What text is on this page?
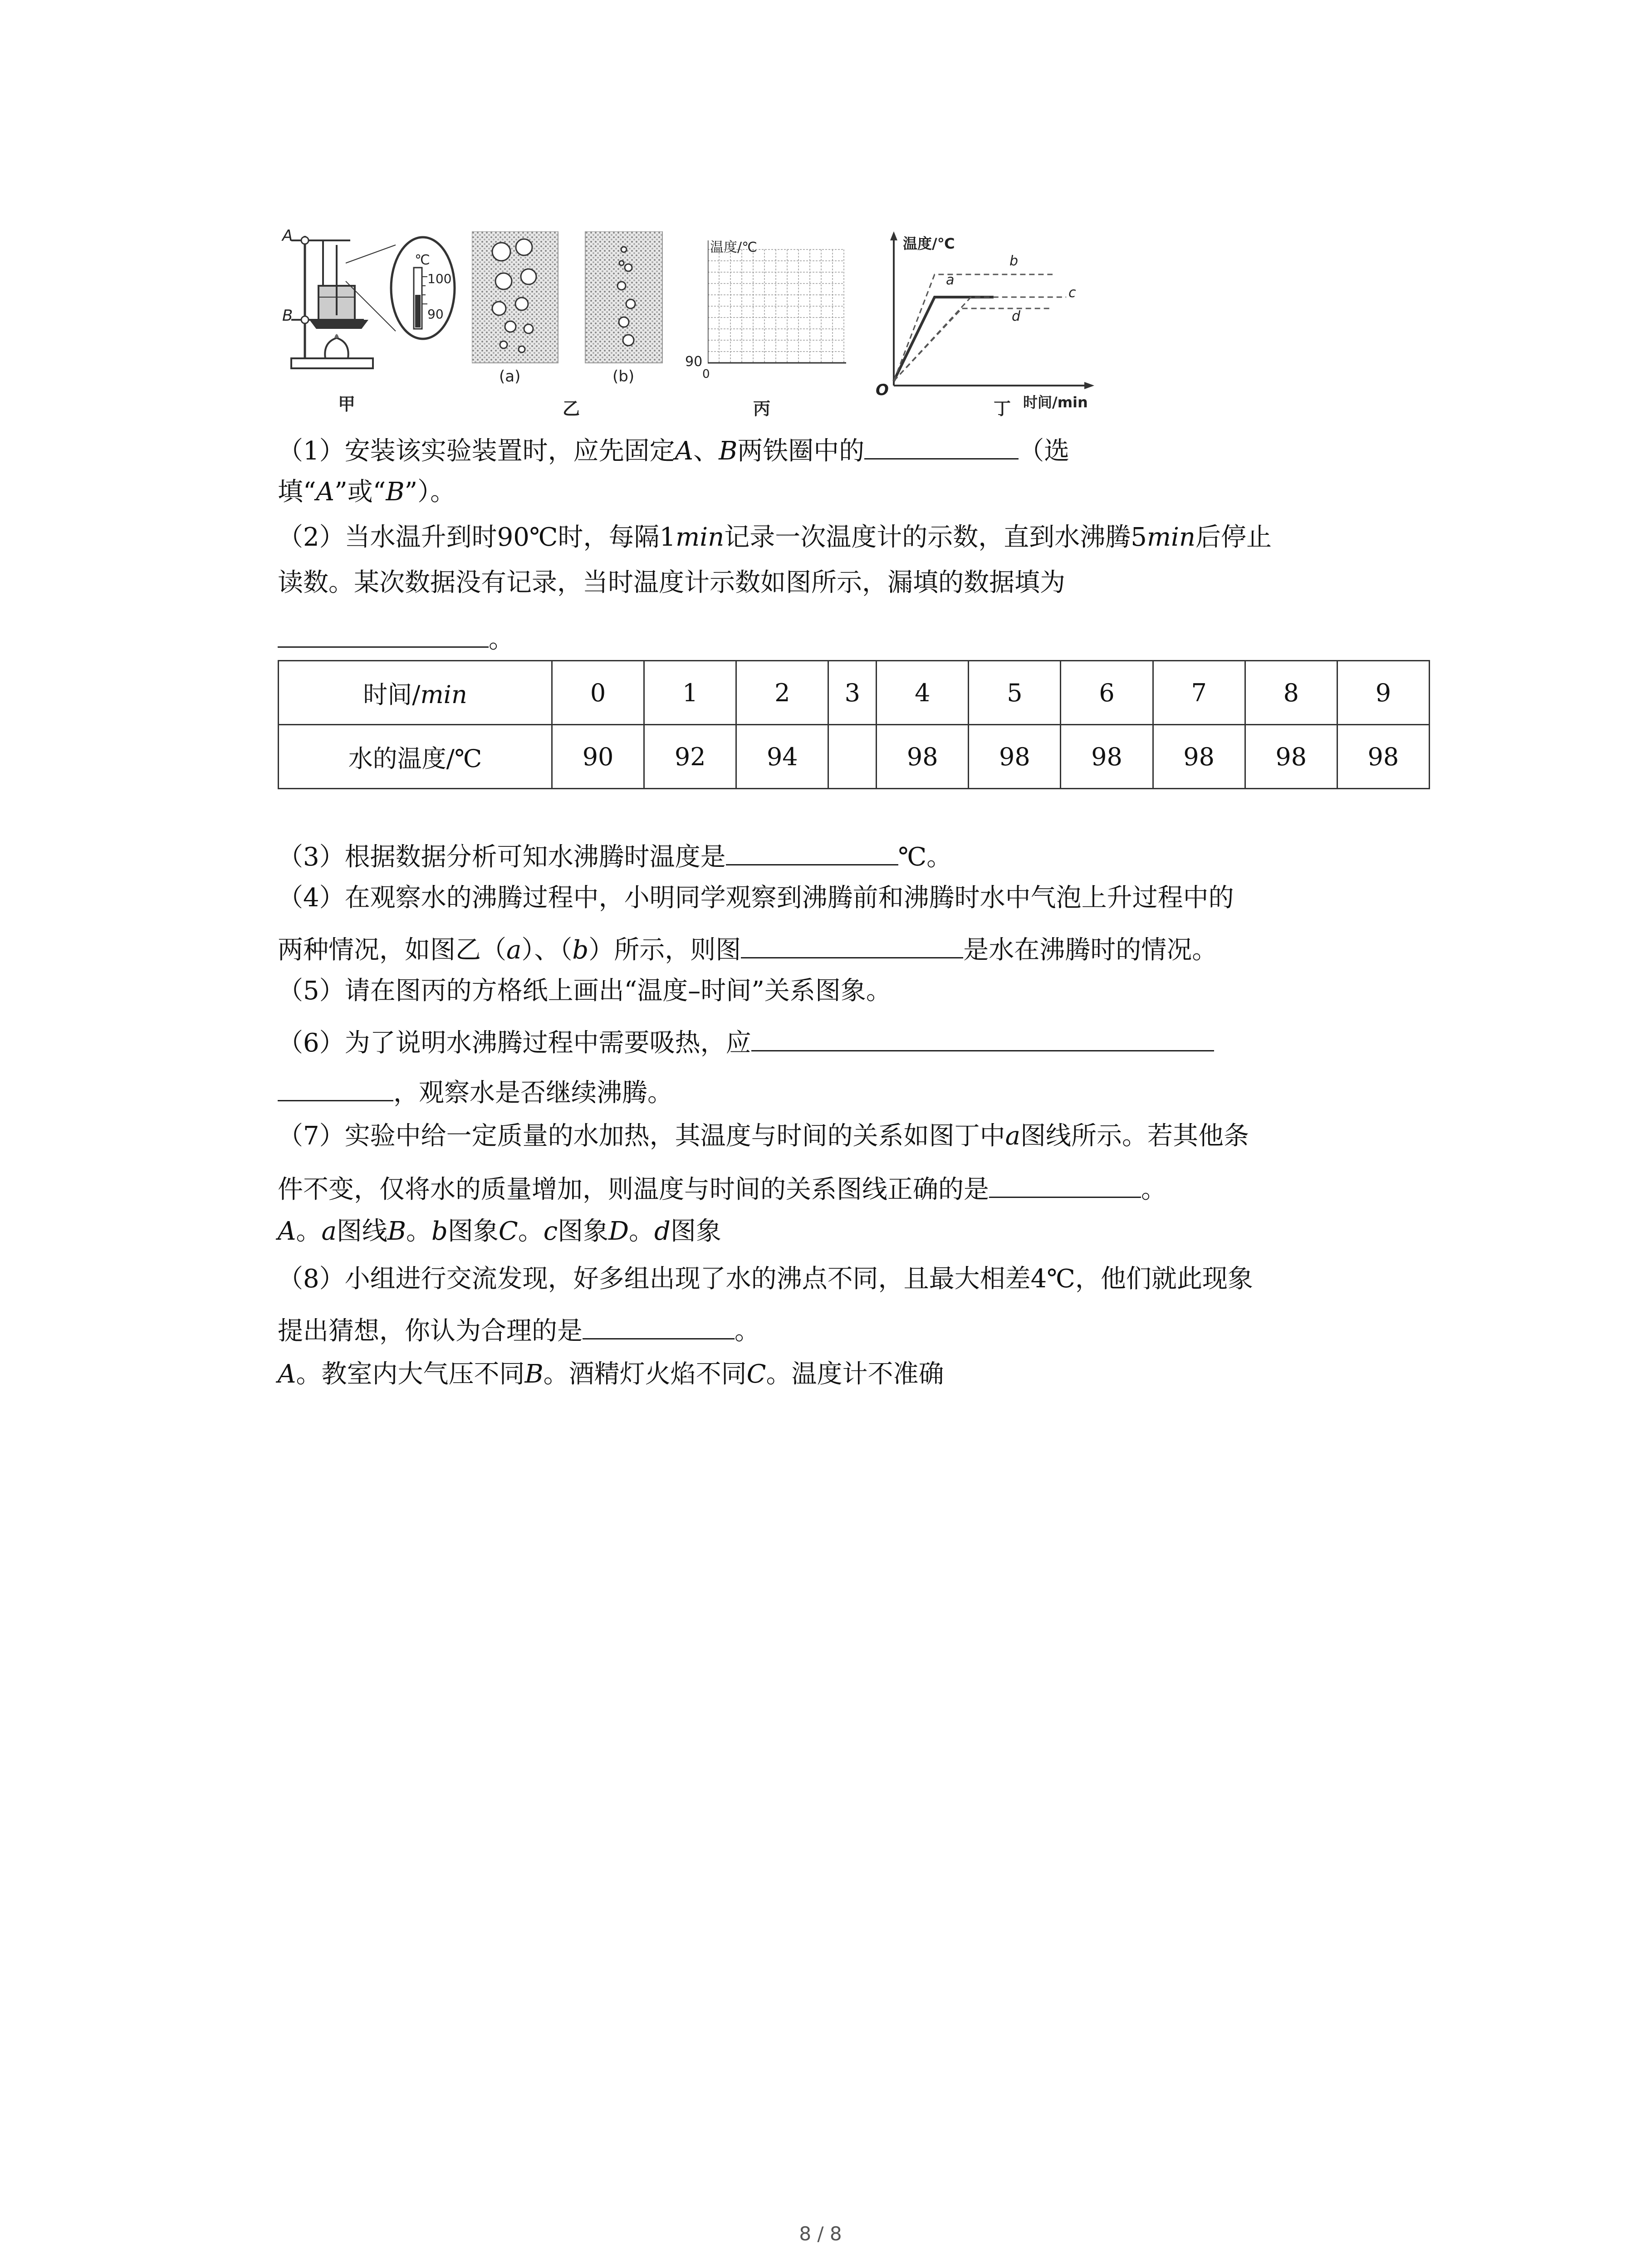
A
B
℃
100
90
甲
(a)	(b)
乙
温度/℃
90
0
丙
温度/℃
O
a
b
c
d
丁 时间/min
（1）安装该实验装置时，应先固定A、B两铁圈中的	（选
填“A”或“B”）。
（2）当水温升到时90℃时，每隔1min记录一次温度计的示数，直到水沸腾5min后停止
读数。某次数据没有记录，当时温度计示数如图所示，漏填的数据填为
。
时间/min	0	1	2	3	4	5	6	7	8	9
水的温度/℃	90	92	94		98	98	98	98	98	98
（3）根据数据分析可知水沸腾时温度是	℃。
（4）在观察水的沸腾过程中，小明同学观察到沸腾前和沸腾时水中气泡上升过程中的
两种情况，如图乙（a）、（b）所示，则图	是水在沸腾时的情况。
（5）请在图丙的方格纸上画出“温度–时间”关系图象。
（6）为了说明水沸腾过程中需要吸热，应
，观察水是否继续沸腾。
（7）实验中给一定质量的水加热，其温度与时间的关系如图丁中a图线所示。若其他条
件不变，仅将水的质量增加，则温度与时间的关系图线正确的是	。
A。a图线B。b图象C。c图象D。d图象
（8）小组进行交流发现，好多组出现了水的沸点不同，且最大相差4℃，他们就此现象
提出猜想，你认为合理的是	。
A。教室内大气压不同B。酒精灯火焰不同C。温度计不准确
8 / 8
